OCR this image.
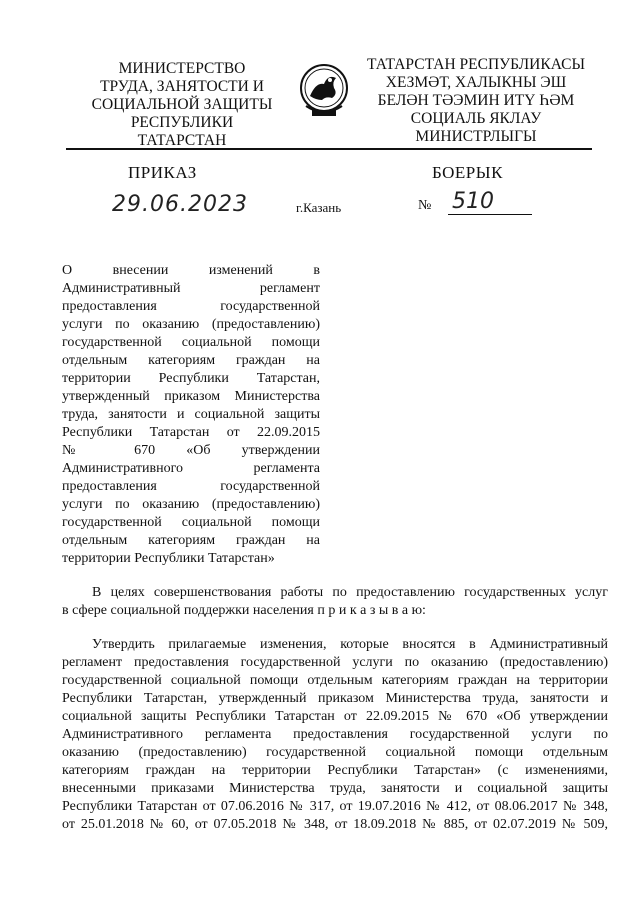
МИНИСТЕРСТВО
ТРУДА, ЗАНЯТОСТИ И
СОЦИАЛЬНОЙ ЗАЩИТЫ
РЕСПУБЛИКИ
ТАТАРСТАН
ТАТАРСТАН РЕСПУБЛИКАСЫ
ХЕЗМӘТ, ХАЛЫКНЫ ЭШ
БЕЛӘН ТӘЭМИН ИТҮ ҺӘМ
СОЦИАЛЬ ЯКЛАУ
МИНИСТРЛЫГЫ
ПРИКАЗ	БОЕРЫК
29.06.2023	г.Казань	№ 510
О внесении изменений в
Административный регламент
предоставления государственной
услуги по оказанию (предоставлению)
государственной социальной помощи
отдельным категориям граждан на
территории Республики Татарстан,
утвержденный приказом Министерства
труда, занятости и социальной защиты
Республики Татарстан от 22.09.2015
№ 670 «Об утверждении
Административного регламента
предоставления государственной
услуги по оказанию (предоставлению)
государственной социальной помощи
отдельным категориям граждан на
территории Республики Татарстан»
В целях совершенствования работы по предоставлению государственных услуг
в сфере социальной поддержки населения п р и к а з ы в а ю:
Утвердить прилагаемые изменения, которые вносятся в Административный
регламент предоставления государственной услуги по оказанию (предоставлению)
государственной социальной помощи отдельным категориям граждан на территории
Республики Татарстан, утвержденный приказом Министерства труда, занятости и
социальной защиты Республики Татарстан от 22.09.2015 № 670 «Об утверждении
Административного регламента предоставления государственной услуги по
оказанию (предоставлению) государственной социальной помощи отдельным
категориям граждан на территории Республики Татарстан» (с изменениями,
внесенными приказами Министерства труда, занятости и социальной защиты
Республики Татарстан от 07.06.2016 № 317, от 19.07.2016 № 412, от 08.06.2017 № 348,
от 25.01.2018 № 60, от 07.05.2018 № 348, от 18.09.2018 № 885, от 02.07.2019 № 509,
